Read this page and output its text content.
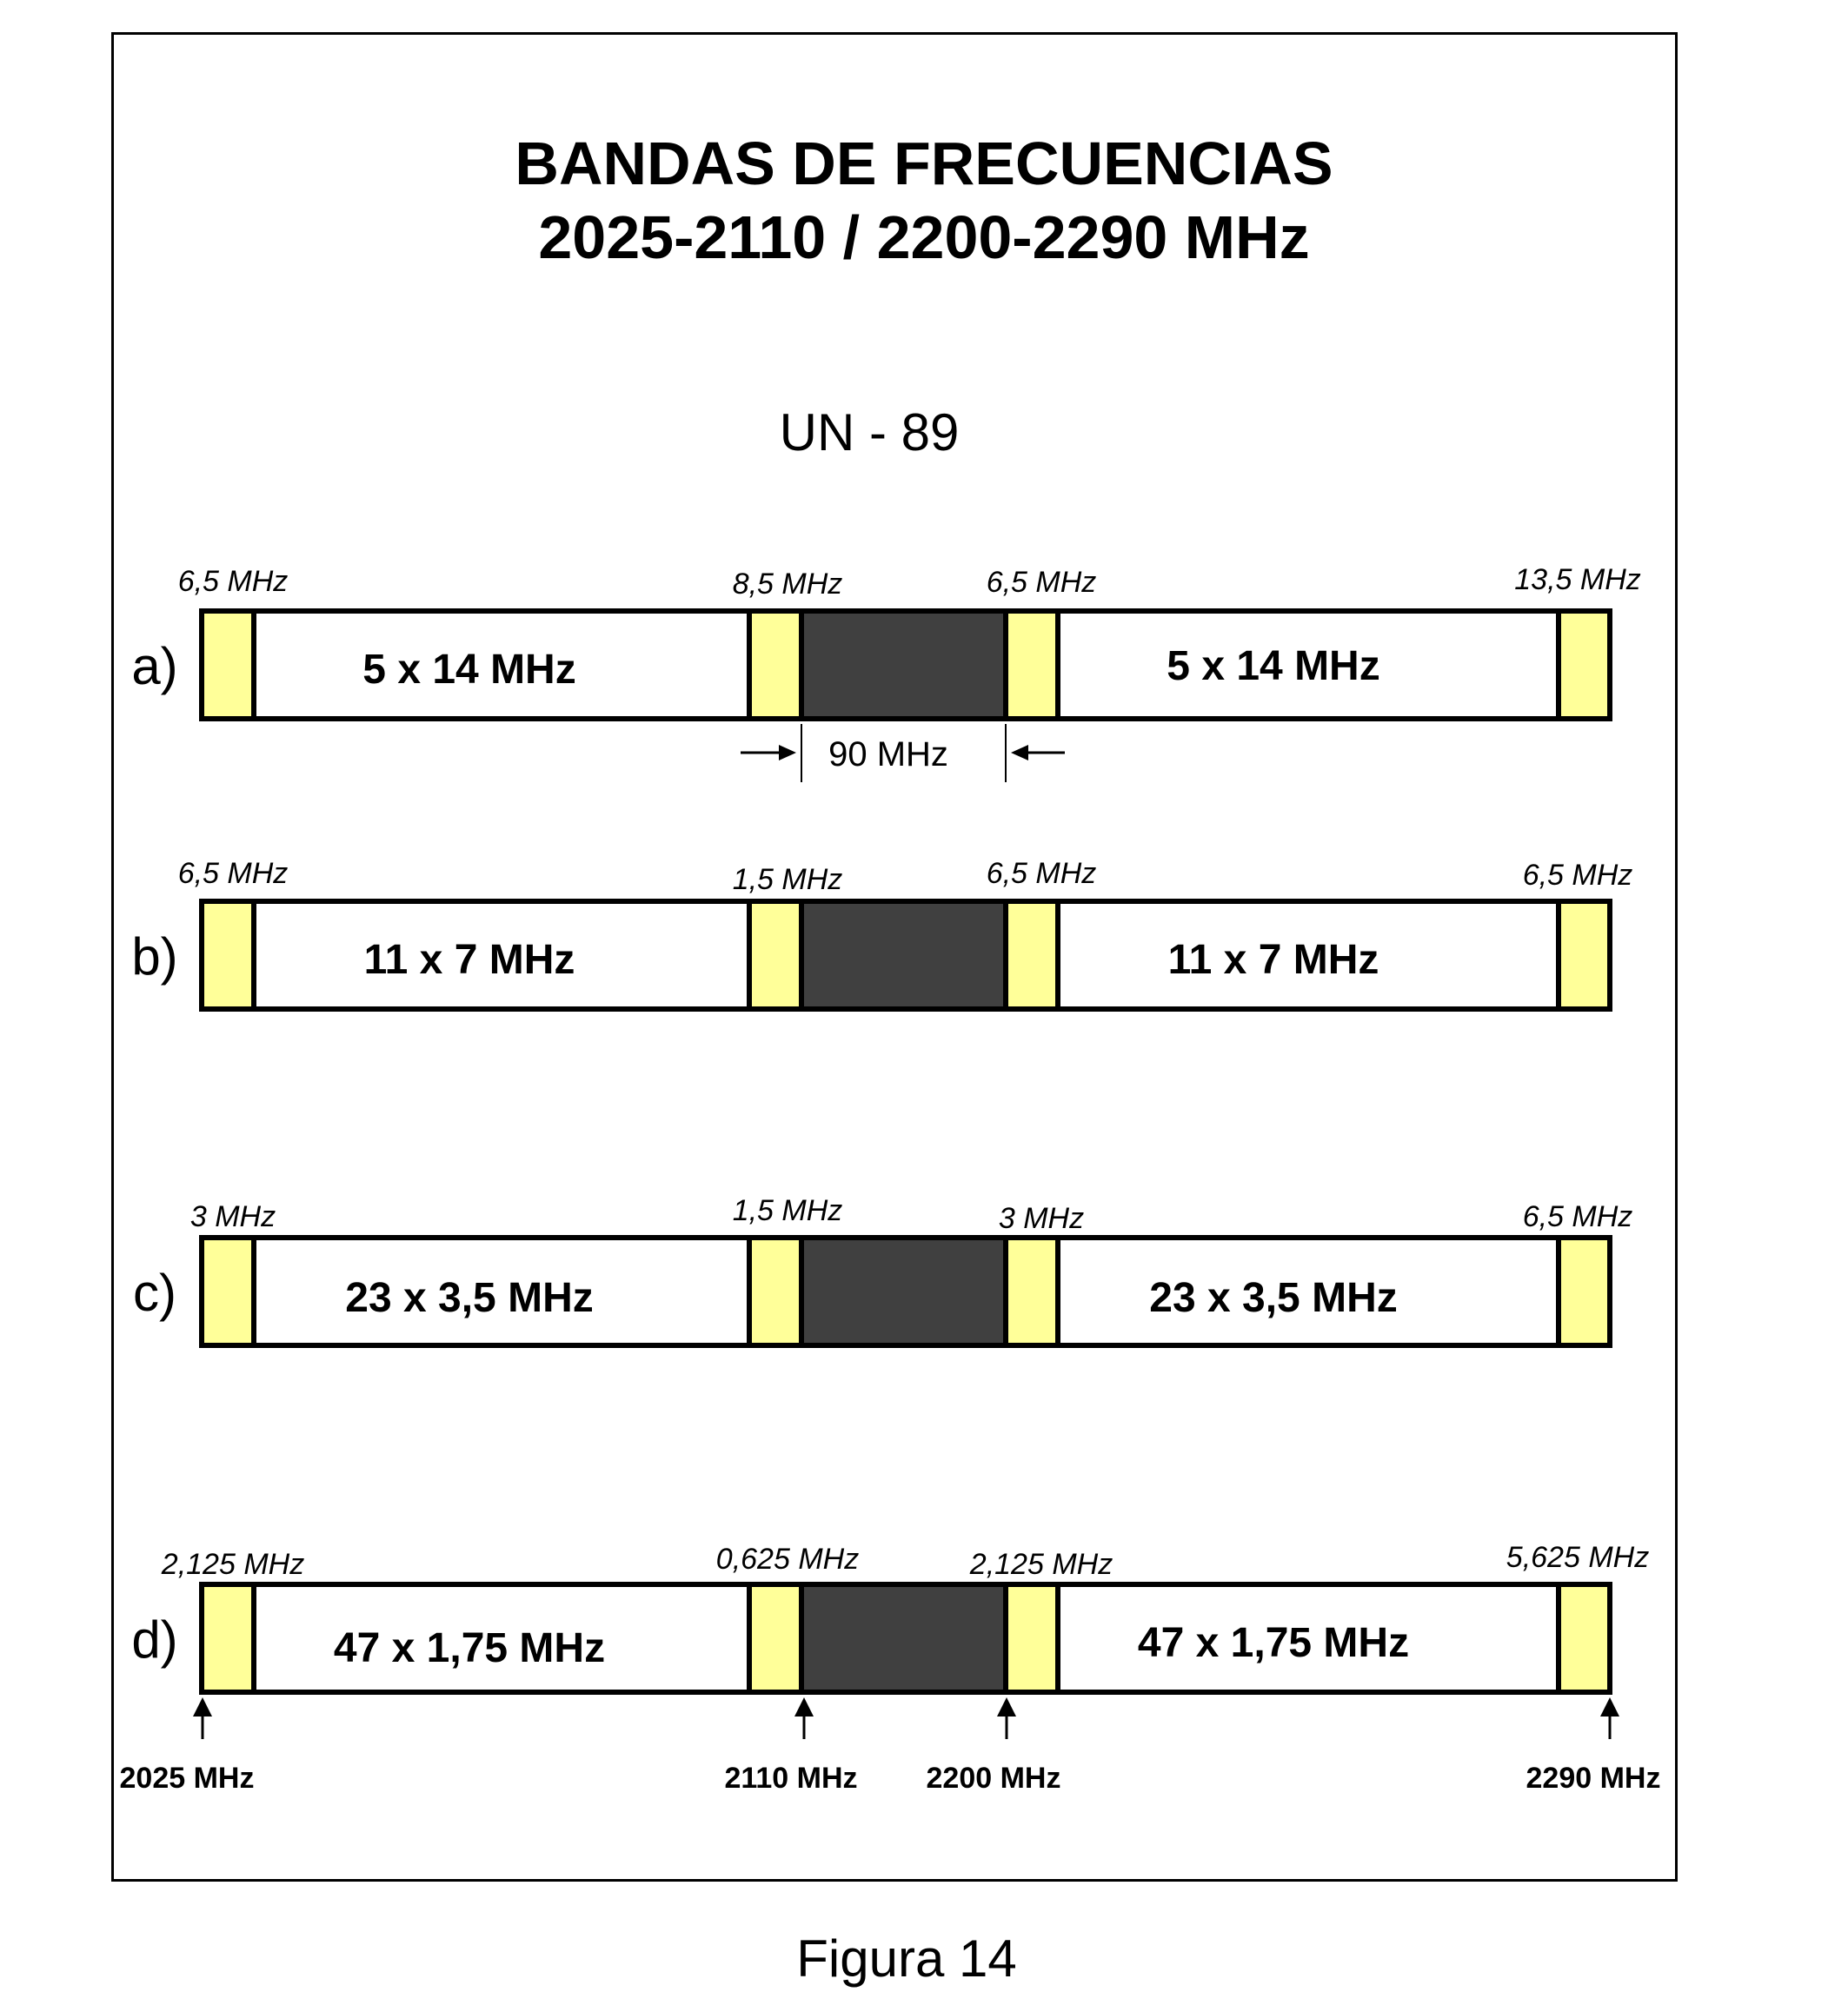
BANDAS DE FRECUENCIAS
2025-2110 / 2200-2290 MHz
UN - 89
a)
6,5 MHz	8,5 MHz	6,5 MHz	13,5 MHz
5 x 14 MHz	5 x 14 MHz
b)
6,5 MHz	1,5 MHz	6,5 MHz	6,5 MHz
11 x 7 MHz	11 x 7 MHz
c)
3 MHz	1,5 MHz	3 MHz	6,5 MHz
23 x 3,5 MHz	23 x 3,5 MHz
d)
2,125 MHz	0,625 MHz	2,125 MHz	5,625 MHz
47 x 1,75 MHz	47 x 1,75 MHz
90 MHz
2025 MHz	2110 MHz 2200 MHz	2290 MHz
Figura 14
